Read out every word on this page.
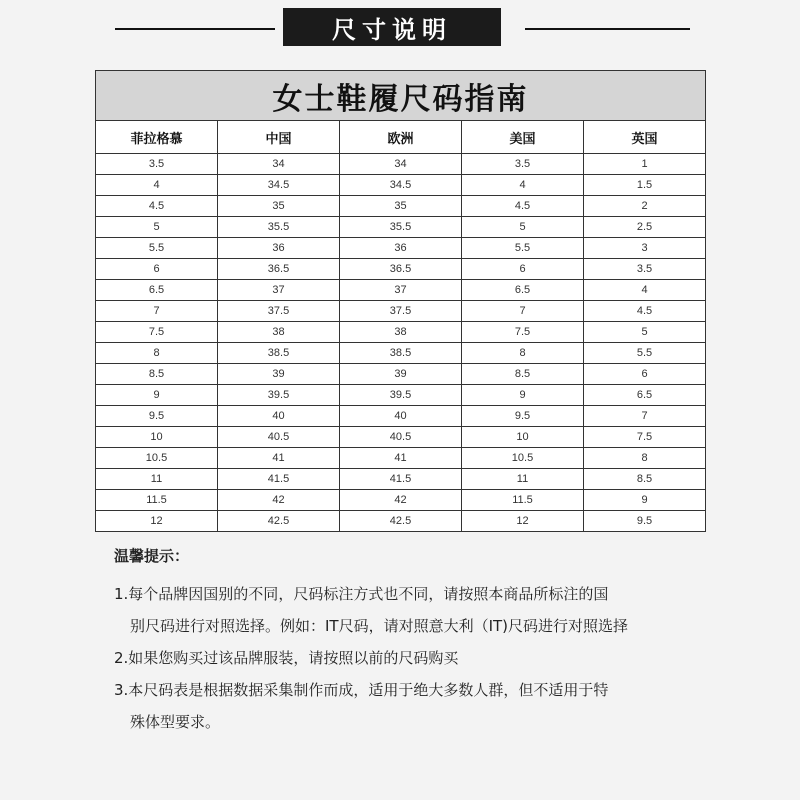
尺寸说明
女士鞋履尺码指南				
菲拉格慕	中国	欧洲	美国	英国
3.5	34	34	3.5	1
4	34.5	34.5	4	1.5
4.5	35	35	4.5	2
5	35.5	35.5	5	2.5
5.5	36	36	5.5	3
6	36.5	36.5	6	3.5
6.5	37	37	6.5	4
7	37.5	37.5	7	4.5
7.5	38	38	7.5	5
8	38.5	38.5	8	5.5
8.5	39	39	8.5	6
9	39.5	39.5	9	6.5
9.5	40	40	9.5	7
10	40.5	40.5	10	7.5
10.5	41	41	10.5	8
11	41.5	41.5	11	8.5
11.5	42	42	11.5	9
12	42.5	42.5	12	9.5
温馨提示：
1.每个品牌因国别的不同，尺码标注方式也不同，请按照本商品所标注的国
别尺码进行对照选择。例如：IT尺码，请对照意大利（IT)尺码进行对照选择
2.如果您购买过该品牌服装，请按照以前的尺码购买
3.本尺码表是根据数据采集制作而成，适用于绝大多数人群，但不适用于特
殊体型要求。
